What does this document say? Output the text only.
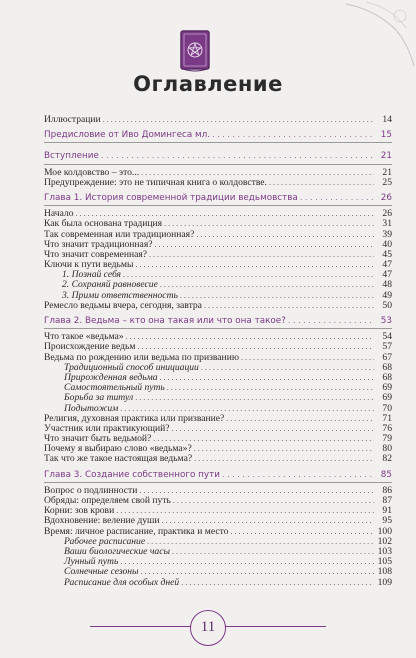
Оглавление
Иллюстрации . . .	14
Предисловие от Иво Домингеса мл. . . .	15
Вступление . . .	21
Мое колдовство – это... . . .	21
Предупреждение: это не типичная книга о колдовстве. . . .	25
Глава 1. История современной традиции ведьмовства . . .	26
Начало . . .	26
Как была основана традиция . . .	31
Так современная или традиционная? . . .	39
Что значит традиционная? . . .	40
Что значит современная? . . .	45
Ключи к пути ведьмы . . .	47
1. Познай себя . . .	47
2. Сохраняй равновесие . . .	48
3. Прими ответственность . . .	49
Ремесло ведьмы вчера, сегодня, завтра . . .	50
Глава 2. Ведьма – кто она такая или что она такое? . . .	53
Что такое «ведьма» . . .	54
Происхождение ведьм . . .	57
Ведьма по рождению или ведьма по призванию . . .	67
Традиционный способ инициации . . .	68
Прирожденная ведьма . . .	68
Самостоятельный путь . . .	69
Борьба за титул . . .	69
Подытожим . . .	70
Религия, духовная практика или призвание? . . .	71
Участник или практикующий? . . .	76
Что значит быть ведьмой? . . .	79
Почему я выбираю слово «ведьма»? . . .	80
Так что же такое настоящая ведьма? . . .	82
Глава 3. Создание собственного пути . . .	85
Вопрос о подлинности . . .	86
Обряды: определяем свой путь . . .	87
Корни: зов крови . . .	91
Вдохновение: веление души . . .	95
Время: личное расписание, практика и место . . .	100
Рабочее расписание . . .	102
Ваши биологические часы . . .	103
Лунный путь . . .	105
Солнечные сезоны . . .	108
Расписание для особых дней . . .	109
11
